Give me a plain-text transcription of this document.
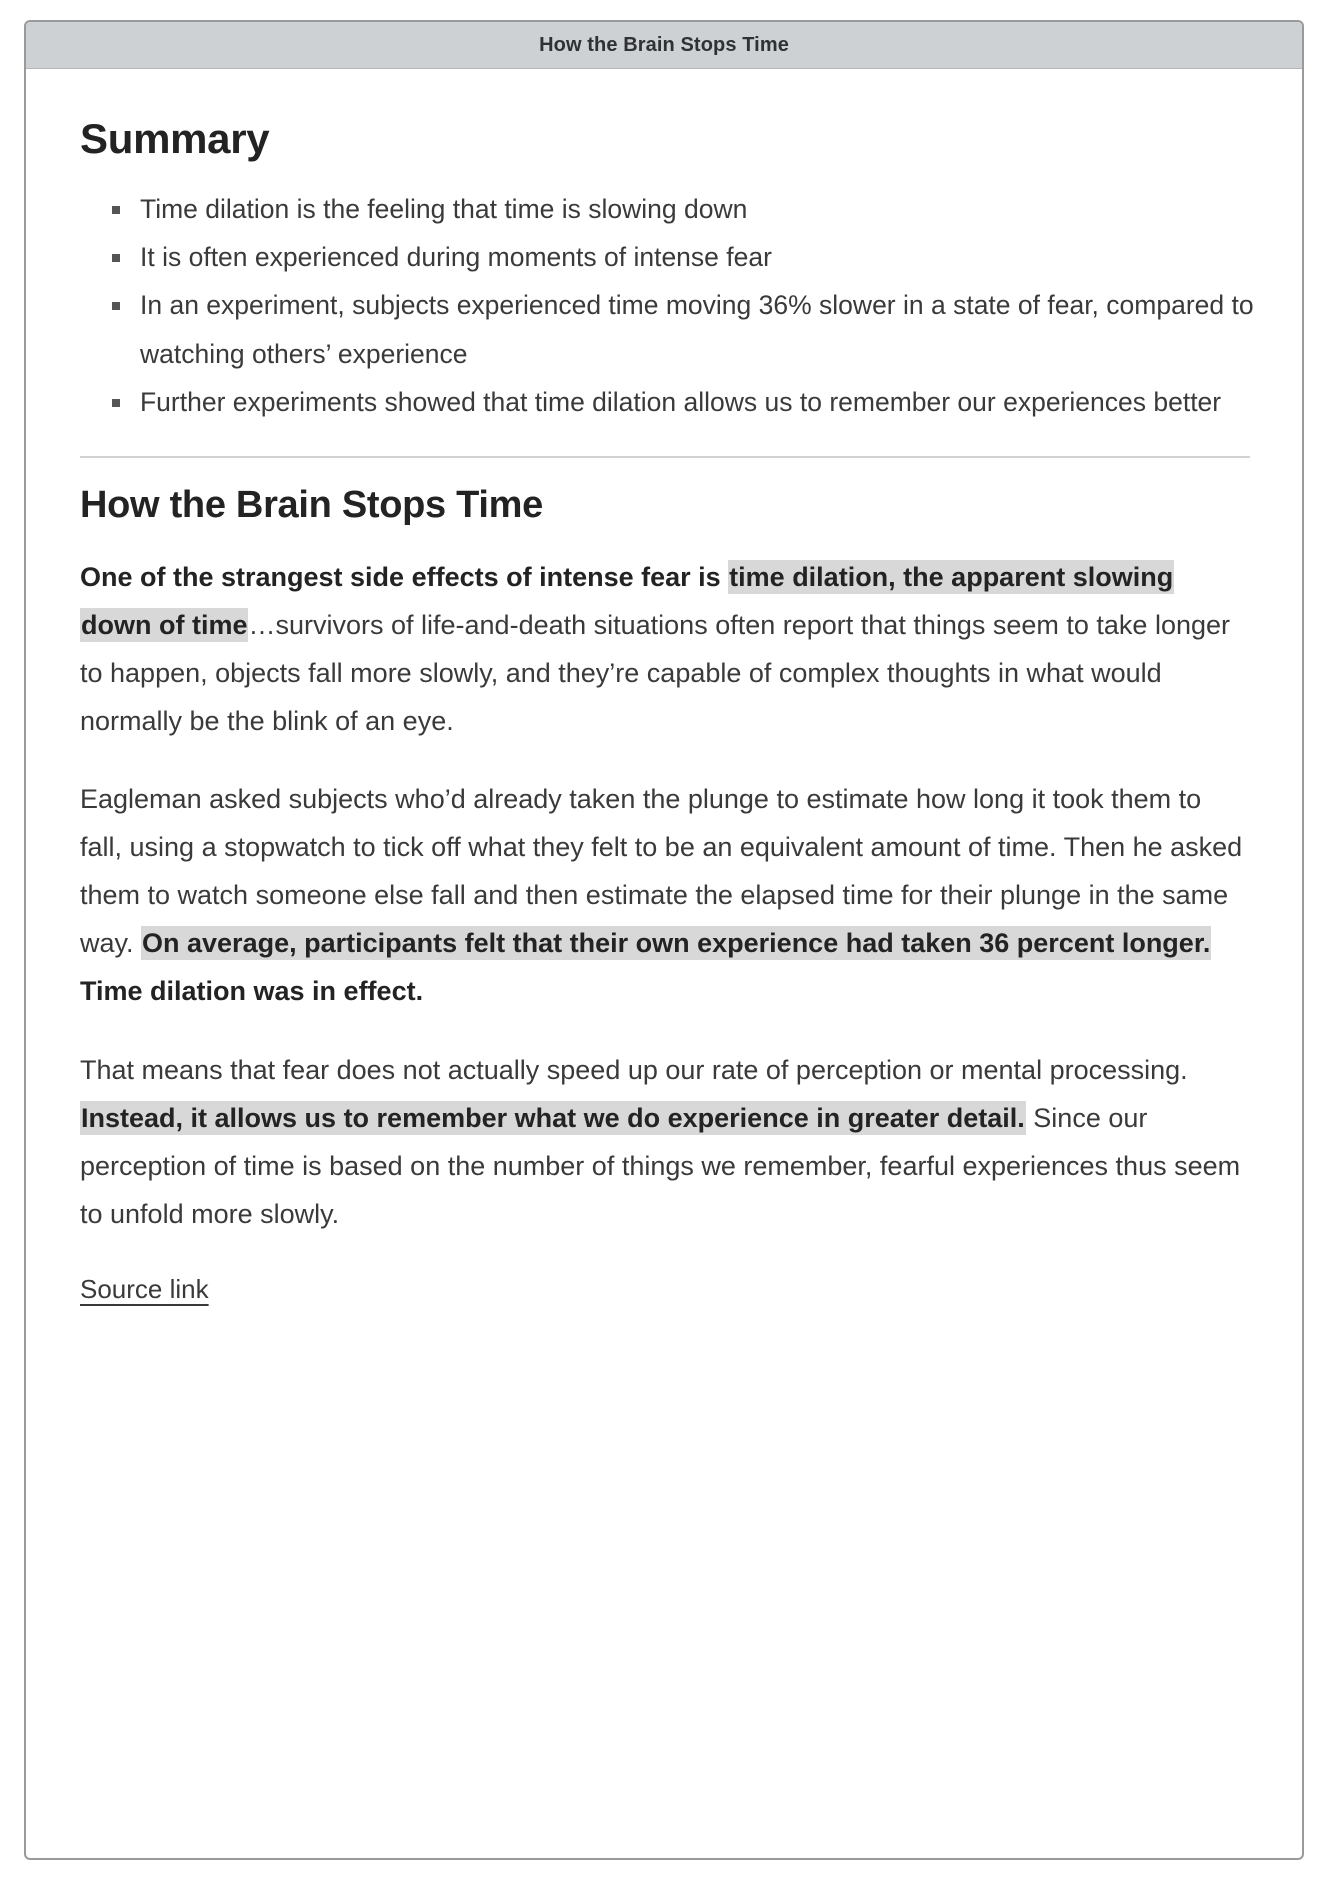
How the Brain Stops Time
Summary
Time dilation is the feeling that time is slowing down
It is often experienced during moments of intense fear
In an experiment, subjects experienced time moving 36% slower in a state of fear, compared to watching others’ experience
Further experiments showed that time dilation allows us to remember our experiences better
How the Brain Stops Time

One of the strangest side effects of intense fear is time dilation, the apparent slowing down of time…survivors of life-and-death situations often report that things seem to take longer to happen, objects fall more slowly, and they’re capable of complex thoughts in what would normally be the blink of an eye.

Eagleman asked subjects who’d already taken the plunge to estimate how long it took them to fall, using a stopwatch to tick off what they felt to be an equivalent amount of time. Then he asked them to watch someone else fall and then estimate the elapsed time for their plunge in the same way. On average, participants felt that their own experience had taken 36 percent longer. Time dilation was in effect.

That means that fear does not actually speed up our rate of perception or mental processing. Instead, it allows us to remember what we do experience in greater detail. Since our perception of time is based on the number of things we remember, fearful experiences thus seem to unfold more slowly.

Source link
